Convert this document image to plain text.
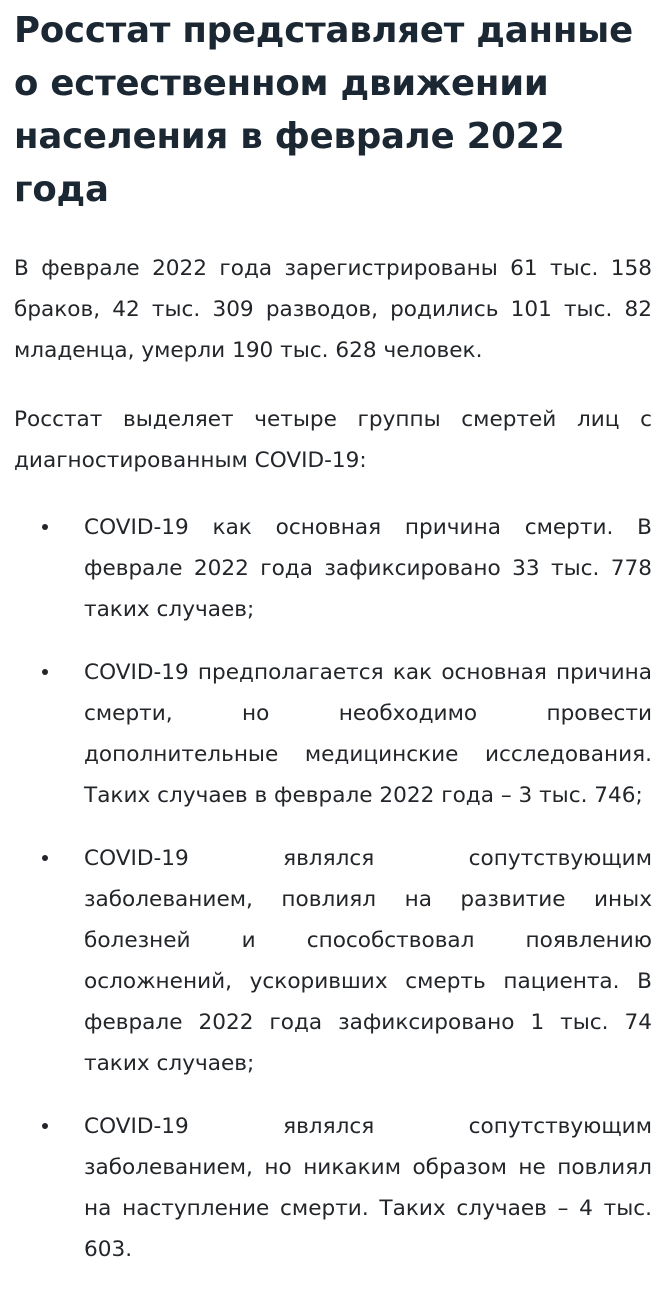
Росстат представляет данные о естественном движении населения в феврале 2022 года

В феврале 2022 года зарегистрированы 61 тыс. 158 браков, 42 тыс. 309 разводов, родились 101 тыс. 82 младенца, умерли 190 тыс. 628 человек.

Росстат выделяет четыре группы смертей лиц с диагностированным COVID-19:

COVID-19 как основная причина смерти. В феврале 2022 года зафиксировано 33 тыс. 778 таких случаев;
COVID-19 предполагается как основная причина смерти, но необходимо провести дополнительные медицинские исследования. Таких случаев в феврале 2022 года – 3 тыс. 746;
COVID-19 являлся сопутствующим заболеванием, повлиял на развитие иных болезней и способствовал появлению осложнений, ускоривших смерть пациента. В феврале 2022 года зафиксировано 1 тыс. 74 таких случаев;
COVID-19 являлся сопутствующим заболеванием, но никаким образом не повлиял на наступление смерти. Таких случаев – 4 тыс. 603.
